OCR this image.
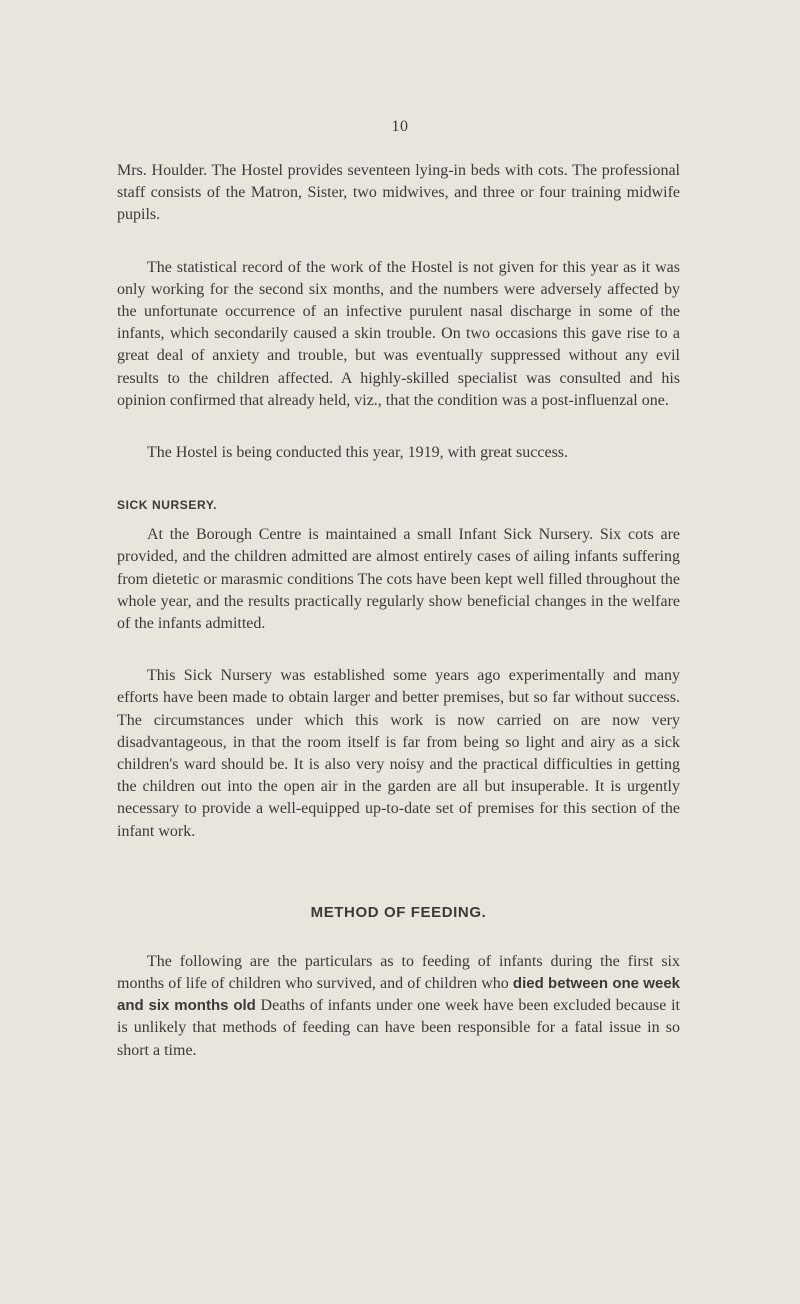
10

Mrs. Houlder. The Hostel provides seventeen lying-in beds with cots. The professional staff consists of the Matron, Sister, two midwives, and three or four training midwife pupils.

The statistical record of the work of the Hostel is not given for this year as it was only working for the second six months, and the numbers were adversely affected by the unfortunate occurrence of an infective purulent nasal discharge in some of the infants, which secondarily caused a skin trouble. On two occasions this gave rise to a great deal of anxiety and trouble, but was eventually suppressed without any evil results to the children affected. A highly-skilled specialist was consulted and his opinion confirmed that already held, viz., that the condition was a post-influenzal one.

The Hostel is being conducted this year, 1919, with great success.

SICK NURSERY.

At the Borough Centre is maintained a small Infant Sick Nursery. Six cots are provided, and the children admitted are almost entirely cases of ailing infants suffering from dietetic or marasmic conditions The cots have been kept well filled throughout the whole year, and the results practically regularly show beneficial changes in the welfare of the infants admitted.

This Sick Nursery was established some years ago experimentally and many efforts have been made to obtain larger and better premises, but so far without success. The circumstances under which this work is now carried on are now very disadvantageous, in that the room itself is far from being so light and airy as a sick children's ward should be. It is also very noisy and the practical difficulties in getting the children out into the open air in the garden are all but insuperable. It is urgently necessary to provide a well-equipped up-to-date set of premises for this section of the infant work.

METHOD OF FEEDING.

The following are the particulars as to feeding of infants during the first six months of life of children who survived, and of children who died between one week and six months old Deaths of infants under one week have been excluded because it is unlikely that methods of feeding can have been responsible for a fatal issue in so short a time.
